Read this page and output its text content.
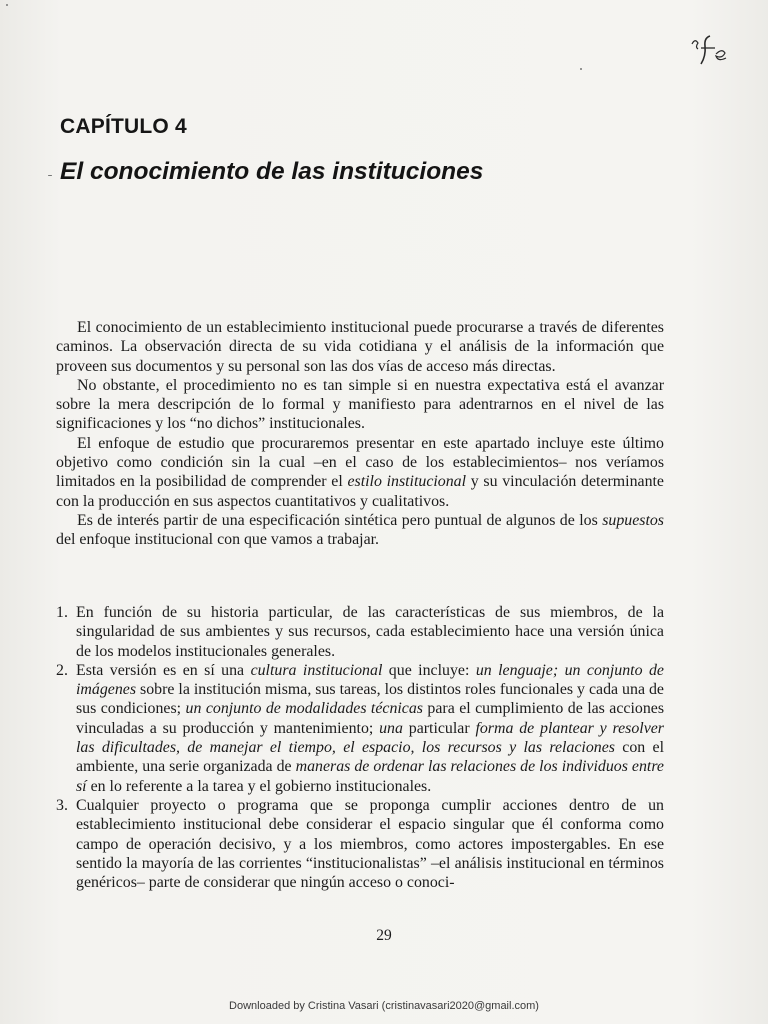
CAPÍTULO 4
El conocimiento de las instituciones

El conocimiento de un establecimiento institucional puede procurarse a través de diferentes caminos. La observación directa de su vida cotidiana y el análisis de la información que proveen sus documentos y su personal son las dos vías de acceso más directas.

No obstante, el procedimiento no es tan simple si en nuestra expectativa está el avanzar sobre la mera descripción de lo formal y manifiesto para adentrarnos en el nivel de las significaciones y los “no dichos” institucionales.

El enfoque de estudio que procuraremos presentar en este apartado incluye este último objetivo como condición sin la cual –en el caso de los establecimientos– nos veríamos limitados en la posibilidad de comprender el estilo institucional y su vinculación determinante con la producción en sus aspectos cuantitativos y cualitativos.

Es de interés partir de una especificación sintética pero puntual de algunos de los supuestos del enfoque institucional con que vamos a trabajar.

1. En función de su historia particular, de las características de sus miembros, de la singularidad de sus ambientes y sus recursos, cada establecimiento hace una versión única de los modelos institucionales generales.
2. Esta versión es en sí una cultura institucional que incluye: un lenguaje; un conjunto de imágenes sobre la institución misma, sus tareas, los distintos roles funcionales y cada una de sus condiciones; un conjunto de modalidades técnicas para el cumplimiento de las acciones vinculadas a su producción y mantenimiento; una particular forma de plantear y resolver las dificultades, de manejar el tiempo, el espacio, los recursos y las relaciones con el ambiente, una serie organizada de maneras de ordenar las relaciones de los individuos entre sí en lo referente a la tarea y el gobierno institucionales.
3. Cualquier proyecto o programa que se proponga cumplir acciones dentro de un establecimiento institucional debe considerar el espacio singular que él conforma como campo de operación decisivo, y a los miembros, como actores impostergables. En ese sentido la mayoría de las corrientes “institucionalistas” –el análisis institucional en términos genéricos– parte de considerar que ningún acceso o conoci-
29
Downloaded by Cristina Vasari (cristinavasari2020@gmail.com)
